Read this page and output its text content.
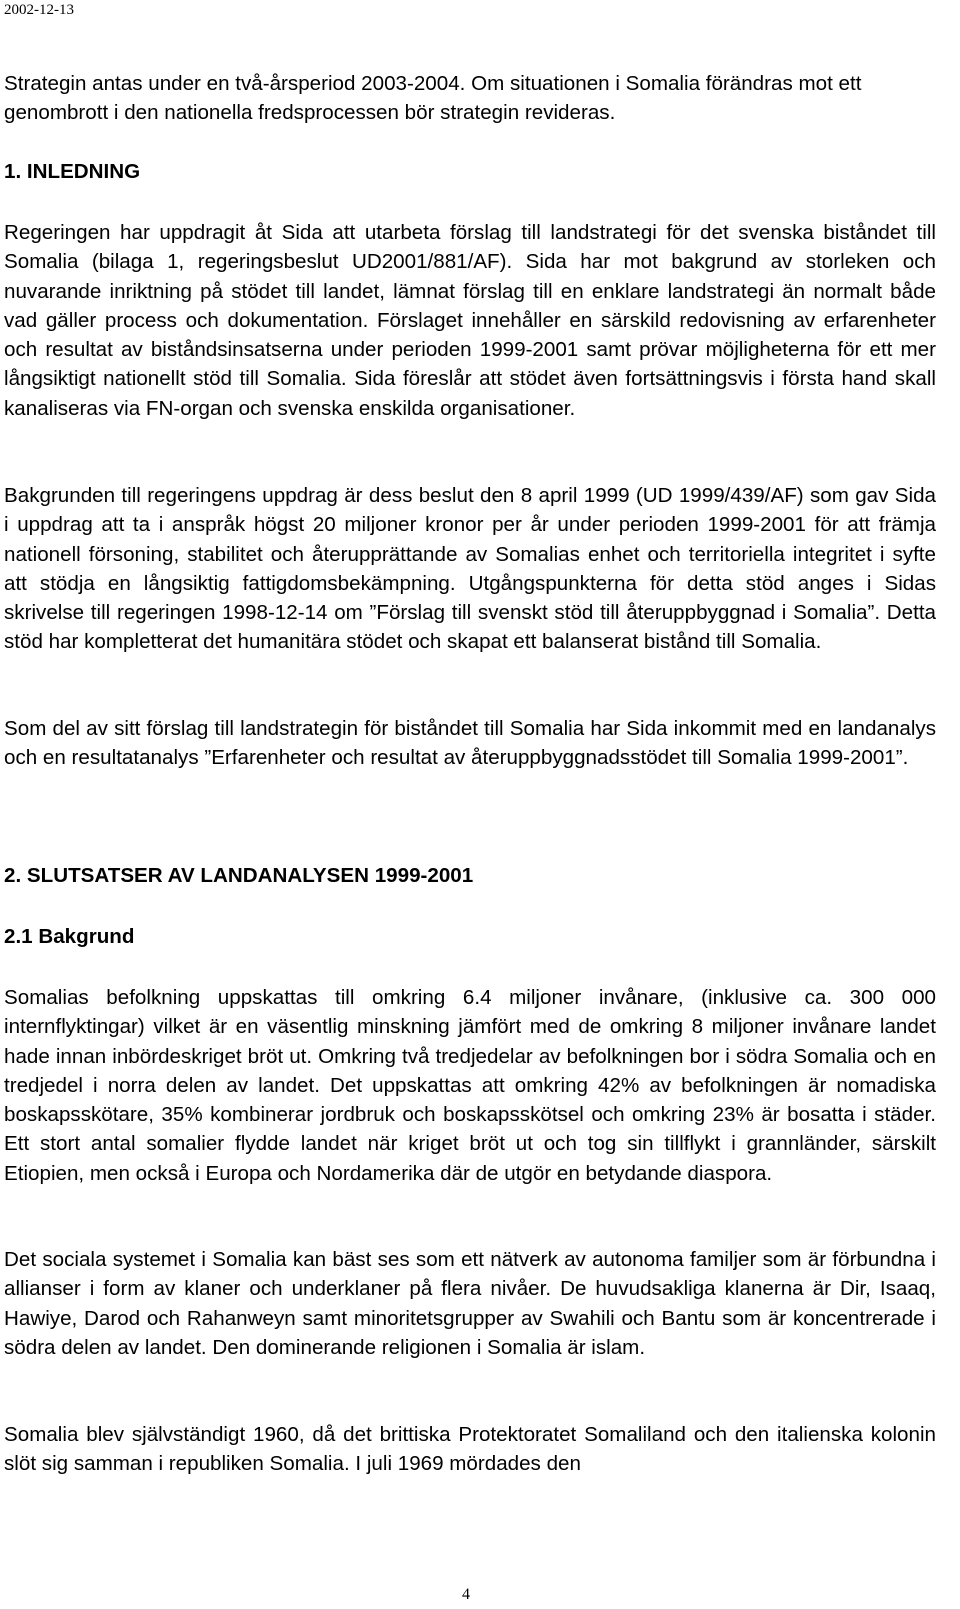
2002-12-13

Strategin antas under en två-årsperiod 2003-2004. Om situationen i Somalia förändras mot ett genombrott i den nationella fredsprocessen bör strategin revideras.

1. INLEDNING

Regeringen har uppdragit åt Sida att utarbeta förslag till landstrategi för det svenska biståndet till Somalia (bilaga 1, regeringsbeslut UD2001/881/AF). Sida har mot bakgrund av storleken och nuvarande inriktning på stödet till landet, lämnat förslag till en enklare landstrategi än normalt både vad gäller process och dokumentation. Förslaget innehåller en särskild redovisning av erfarenheter och resultat av biståndsinsatserna under perioden 1999-2001 samt prövar möjligheterna för ett mer långsiktigt nationellt stöd till Somalia. Sida föreslår att stödet även fortsättningsvis i första hand skall kanaliseras via FN-organ och svenska enskilda organisationer.

Bakgrunden till regeringens uppdrag är dess beslut den 8 april 1999 (UD 1999/439/AF) som gav Sida i uppdrag att ta i anspråk högst 20 miljoner kronor per år under perioden 1999-2001 för att främja nationell försoning, stabilitet och återupprättande av Somalias enhet och territoriella integritet i syfte att stödja en långsiktig fattigdomsbekämpning. Utgångspunkterna för detta stöd anges i Sidas skrivelse till regeringen 1998-12-14 om ”Förslag till svenskt stöd till återuppbyggnad i Somalia”. Detta stöd har kompletterat det humanitära stödet och skapat ett balanserat bistånd till Somalia.

Som del av sitt förslag till landstrategin för biståndet till Somalia har Sida inkommit med en landanalys och en resultatanalys ”Erfarenheter och resultat av återuppbyggnadsstödet till Somalia 1999-2001”.

2. SLUTSATSER AV LANDANALYSEN 1999-2001
2.1 Bakgrund

Somalias befolkning uppskattas till omkring 6.4 miljoner invånare, (inklusive ca. 300 000 internflyktingar) vilket är en väsentlig minskning jämfört med de omkring 8 miljoner invånare landet hade innan inbördeskriget bröt ut. Omkring två tredjedelar av befolkningen bor i södra Somalia och en tredjedel i norra delen av landet. Det uppskattas att omkring 42% av befolkningen är nomadiska boskapsskötare, 35% kombinerar jordbruk och boskapsskötsel och omkring 23% är bosatta i städer. Ett stort antal somalier flydde landet när kriget bröt ut och tog sin tillflykt i grannländer, särskilt Etiopien, men också i Europa och Nordamerika där de utgör en betydande diaspora.

Det sociala systemet i Somalia kan bäst ses som ett nätverk av autonoma familjer som är förbundna i allianser i form av klaner och underklaner på flera nivåer. De huvudsakliga klanerna är Dir, Isaaq, Hawiye, Darod och Rahanweyn samt minoritetsgrupper av Swahili och Bantu som är koncentrerade i södra delen av landet. Den dominerande religionen i Somalia är islam.

Somalia blev självständigt 1960, då det brittiska Protektoratet Somaliland och den italienska kolonin slöt sig samman i republiken Somalia. I juli 1969 mördades den

4
